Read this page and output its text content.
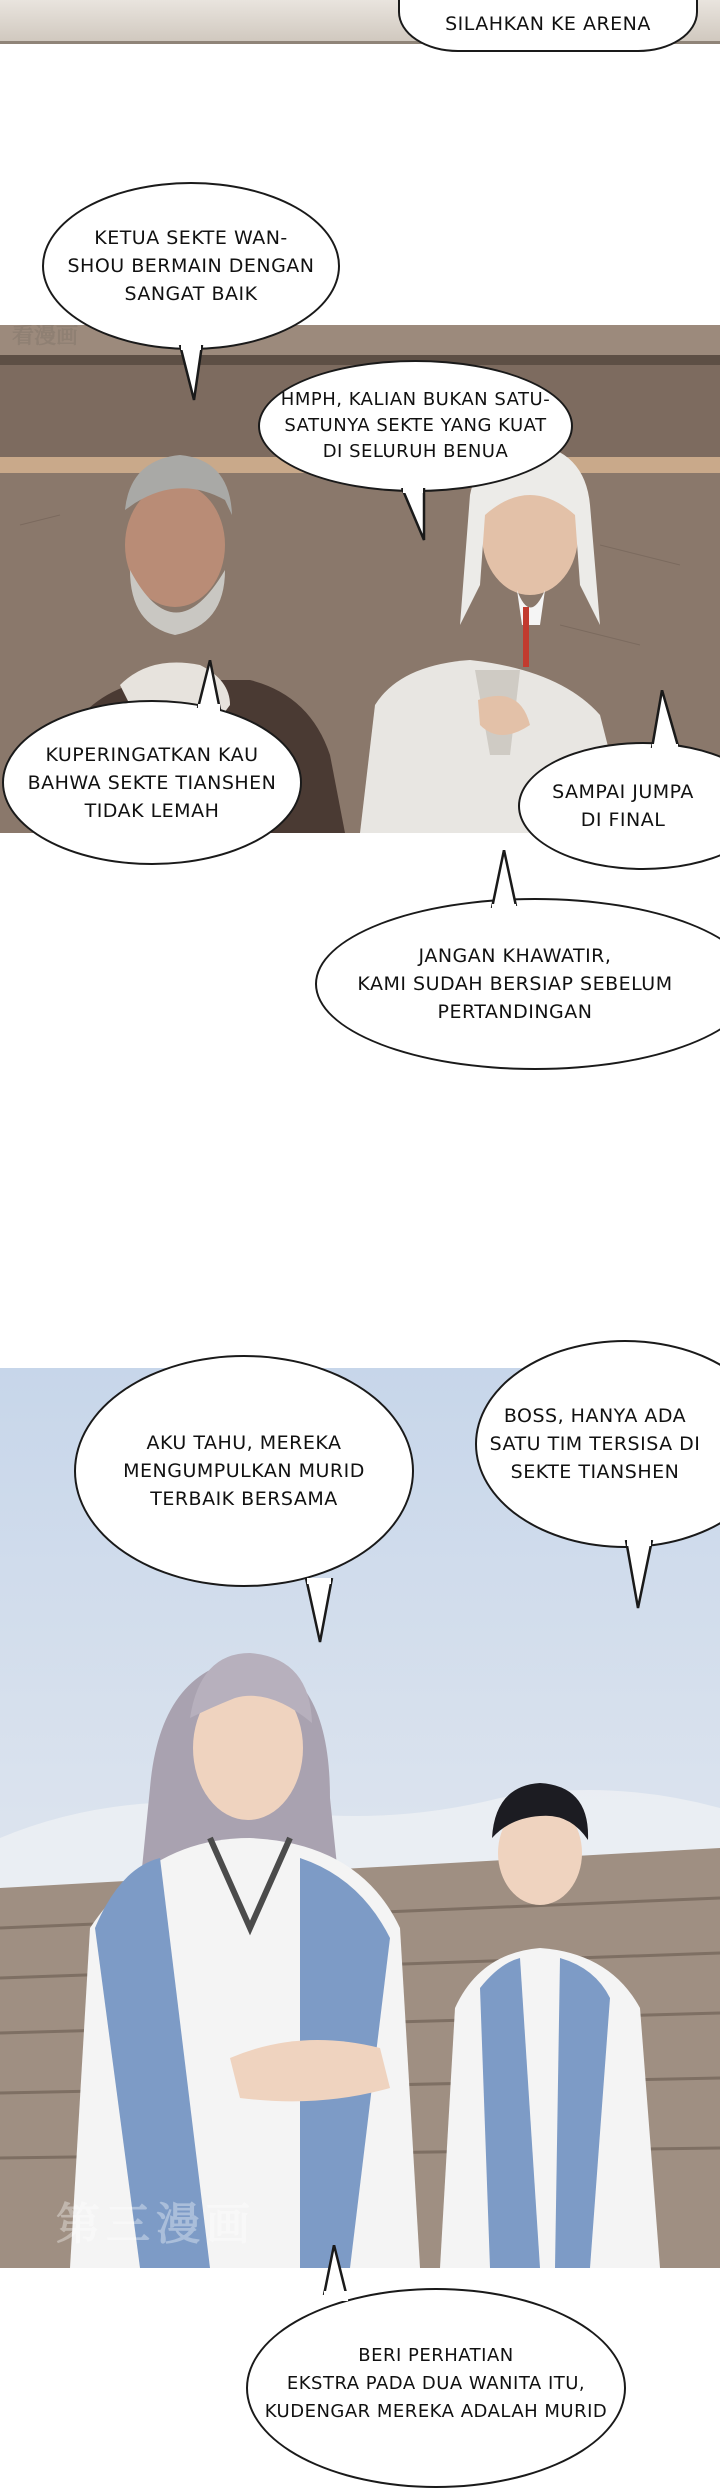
SILAHKAN KE ARENA
看漫画
KETUA SEKTE WAN-
SHOU BERMAIN DENGAN
SANGAT BAIK
HMPH, KALIAN BUKAN SATU-
SATUNYA SEKTE YANG KUAT
DI SELURUH BENUA
KUPERINGATKAN KAU
BAHWA SEKTE TIANSHEN
TIDAK LEMAH
SAMPAI JUMPA
DI FINAL
JANGAN KHAWATIR,
KAMI SUDAH BERSIAP SEBELUM
PERTANDINGAN
第三漫画
AKU TAHU, MEREKA
MENGUMPULKAN MURID
TERBAIK BERSAMA
BOSS, HANYA ADA
SATU TIM TERSISA DI
SEKTE TIANSHEN
BERI PERHATIAN
EKSTRA PADA DUA WANITA ITU,
KUDENGAR MEREKA ADALAH MURID
